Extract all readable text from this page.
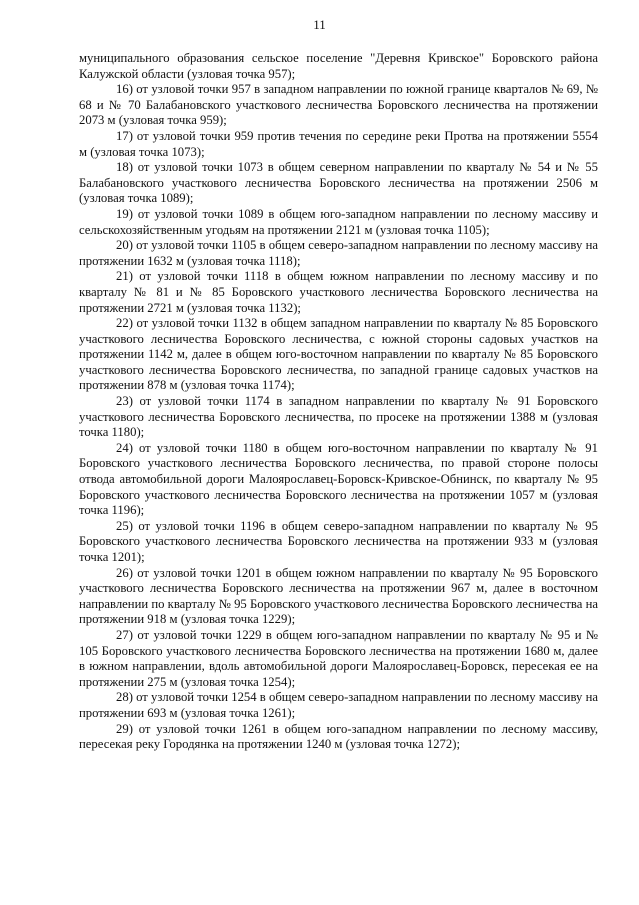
11

муниципального образования сельское поселение "Деревня Кривское" Боровского района Калужской области (узловая точка 957);

16) от узловой точки 957 в западном направлении по южной границе кварталов № 69, № 68 и № 70 Балабановского участкового лесничества Боровского лесничества на протяжении 2073 м (узловая точка 959);

17) от узловой точки 959 против течения по середине реки Протва на протяжении 5554 м (узловая точка 1073);

18) от узловой точки 1073 в общем северном направлении по кварталу № 54 и № 55 Балабановского участкового лесничества Боровского лесничества на протяжении 2506 м (узловая точка 1089);

19) от узловой точки 1089 в общем юго-западном направлении по лесному массиву и сельскохозяйственным угодьям на протяжении 2121 м (узловая точка 1105);

20) от узловой точки 1105 в общем северо-западном направлении по лесному массиву на протяжении 1632 м (узловая точка 1118);

21) от узловой точки 1118 в общем южном направлении по лесному массиву и по кварталу № 81 и № 85 Боровского участкового лесничества Боровского лесничества на протяжении 2721 м (узловая точка 1132);

22) от узловой точки 1132 в общем западном направлении по кварталу № 85 Боровского участкового лесничества Боровского лесничества, с южной стороны садовых участков на протяжении 1142 м, далее в общем юго-восточном направлении по кварталу № 85 Боровского участкового лесничества Боровского лесничества, по западной границе садовых участков на протяжении 878 м (узловая точка 1174);

23) от узловой точки 1174 в западном направлении по кварталу № 91 Боровского участкового лесничества Боровского лесничества, по просеке на протяжении 1388 м (узловая точка 1180);

24) от узловой точки 1180 в общем юго-восточном направлении по кварталу № 91 Боровского участкового лесничества Боровского лесничества, по правой стороне полосы отвода автомобильной дороги Малоярославец-Боровск-Кривское-Обнинск, по кварталу № 95 Боровского участкового лесничества Боровского лесничества на протяжении 1057 м (узловая точка 1196);

25) от узловой точки 1196 в общем северо-западном направлении по кварталу № 95 Боровского участкового лесничества Боровского лесничества на протяжении 933 м (узловая точка 1201);

26) от узловой точки 1201 в общем южном направлении по кварталу № 95 Боровского участкового лесничества Боровского лесничества на протяжении 967 м, далее в восточном направлении по кварталу № 95 Боровского участкового лесничества Боровского лесничества на протяжении 918 м (узловая точка 1229);

27) от узловой точки 1229 в общем юго-западном направлении по кварталу № 95 и № 105 Боровского участкового лесничества Боровского лесничества на протяжении 1680 м, далее в южном направлении, вдоль автомобильной дороги Малоярославец-Боровск, пересекая ее на протяжении 275 м (узловая точка 1254);

28) от узловой точки 1254 в общем северо-западном направлении по лесному массиву на протяжении 693 м (узловая точка 1261);

29) от узловой точки 1261 в общем юго-западном направлении по лесному массиву, пересекая реку Городянка на протяжении 1240 м (узловая точка 1272);
